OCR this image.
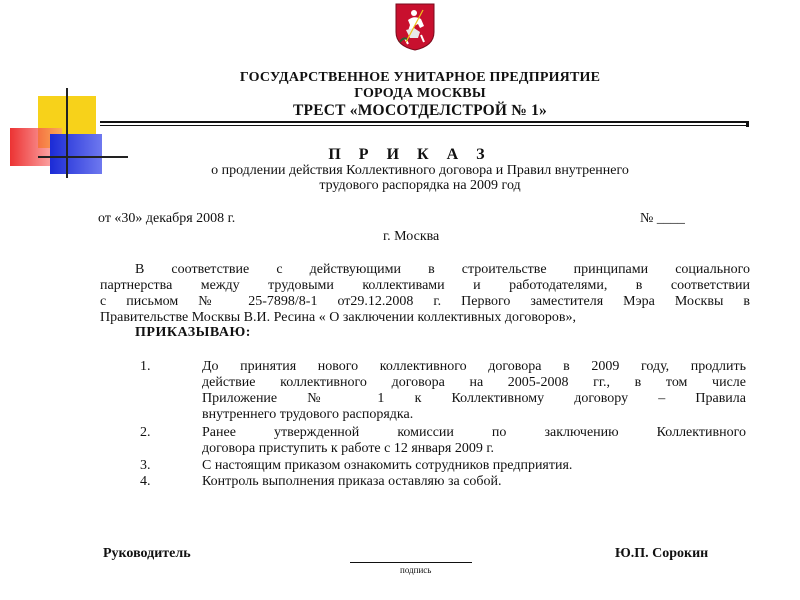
ГОСУДАРСТВЕННОЕ УНИТАРНОЕ ПРЕДПРИЯТИЕ
ГОРОДА МОСКВЫ
ТРЕСТ «МОСОТДЕЛСТРОЙ № 1»
П Р И К А З
о продлении действия Коллективного договора и Правил внутреннего
трудового распорядка на 2009 год
от «30» декабря 2008 г.	№ ____
г. Москва
В соответствие с действующими в строительстве принципами социального
партнерства между трудовыми коллективами и работодателями, в соответствии
с письмом № 25-7898/8-1 от29.12.2008 г. Первого заместителя Мэра Москвы в
Правительстве Москвы В.И. Ресина « О заключении коллективных договоров»,
ПРИКАЗЫВАЮ:
1.	До принятия нового коллективного договора в 2009 году, продлить
действие коллективного договора на 2005-2008 гг., в том числе
Приложение № 1 к Коллективному договору – Правила
внутреннего трудового распорядка.
2.	Ранее утвержденной комиссии по заключению Коллективного
договора приступить к работе с 12 января 2009 г.
3.	С настоящим приказом ознакомить сотрудников предприятия.
4.	Контроль выполнения приказа оставляю за собой.
Руководитель
подпись
Ю.П. Сорокин
